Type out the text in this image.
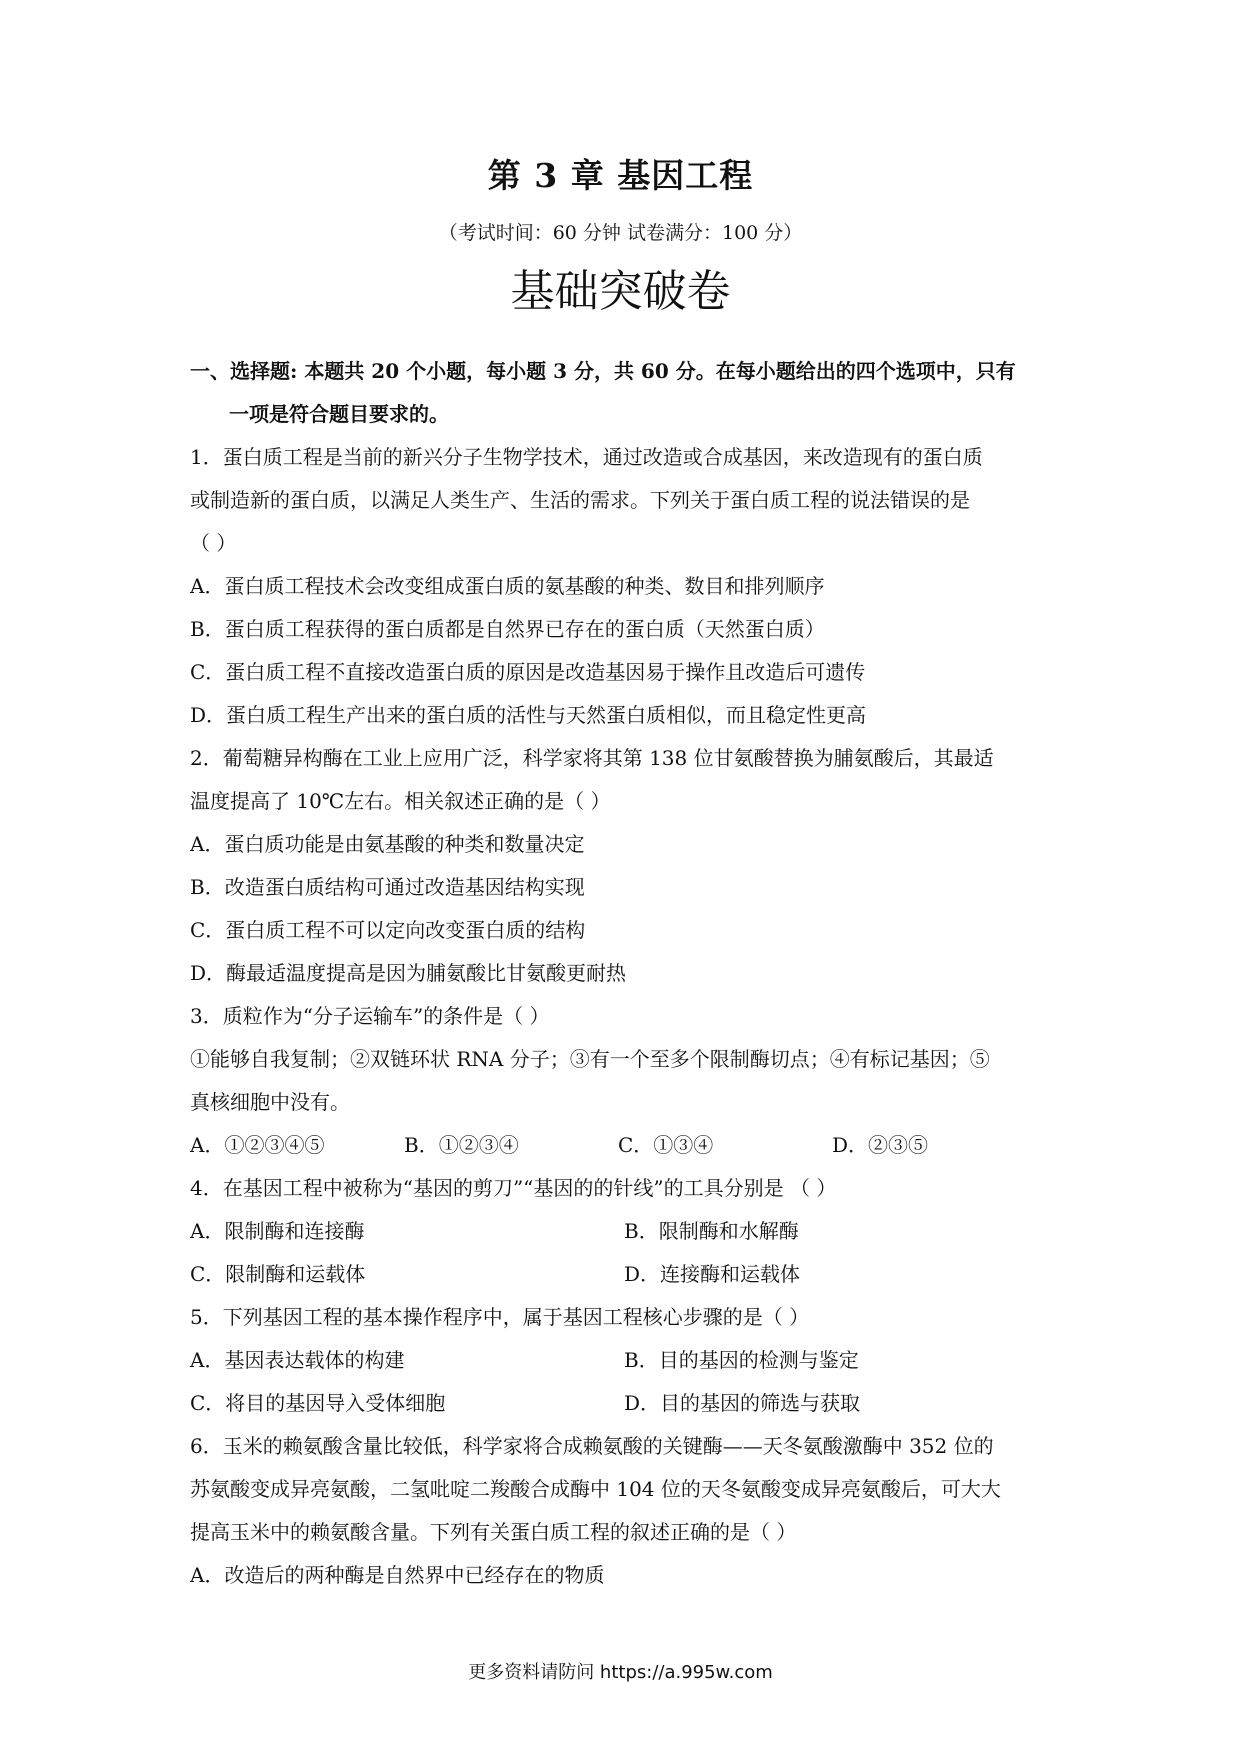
第 3 章 基因工程
（考试时间：60 分钟 试卷满分：100 分）
基础突破卷
一、选择题: 本题共 20 个小题，每小题 3 分，共 60 分。在每小题给出的四个选项中，只有
一项是符合题目要求的。
1．蛋白质工程是当前的新兴分子生物学技术，通过改造或合成基因，来改造现有的蛋白质
或制造新的蛋白质，以满足人类生产、生活的需求。下列关于蛋白质工程的说法错误的是
（ ）
A．蛋白质工程技术会改变组成蛋白质的氨基酸的种类、数目和排列顺序
B．蛋白质工程获得的蛋白质都是自然界已存在的蛋白质（天然蛋白质）
C．蛋白质工程不直接改造蛋白质的原因是改造基因易于操作且改造后可遗传
D．蛋白质工程生产出来的蛋白质的活性与天然蛋白质相似，而且稳定性更高
2．葡萄糖异构酶在工业上应用广泛，科学家将其第 138 位甘氨酸替换为脯氨酸后，其最适
温度提高了 10℃左右。相关叙述正确的是（ ）
A．蛋白质功能是由氨基酸的种类和数量决定
B．改造蛋白质结构可通过改造基因结构实现
C．蛋白质工程不可以定向改变蛋白质的结构
D．酶最适温度提高是因为脯氨酸比甘氨酸更耐热
3．质粒作为“分子运输车”的条件是（ ）
①能够自我复制；②双链环状 RNA 分子；③有一个至多个限制酶切点；④有标记基因；⑤
真核细胞中没有。
A．①②③④⑤	B．①②③④	C．①③④	D．②③⑤
4．在基因工程中被称为“基因的剪刀”“基因的的针线”的工具分别是 （ ）
A．限制酶和连接酶	B．限制酶和水解酶
C．限制酶和运载体	D．连接酶和运载体
5．下列基因工程的基本操作程序中，属于基因工程核心步骤的是（ ）
A．基因表达载体的构建	B．目的基因的检测与鉴定
C．将目的基因导入受体细胞	D．目的基因的筛选与获取
6．玉米的赖氨酸含量比较低，科学家将合成赖氨酸的关键酶——天冬氨酸激酶中 352 位的
苏氨酸变成异亮氨酸，二氢吡啶二羧酸合成酶中 104 位的天冬氨酸变成异亮氨酸后，可大大
提高玉米中的赖氨酸含量。下列有关蛋白质工程的叙述正确的是（ ）
A．改造后的两种酶是自然界中已经存在的物质
更多资料请防问 https://a.995w.com
